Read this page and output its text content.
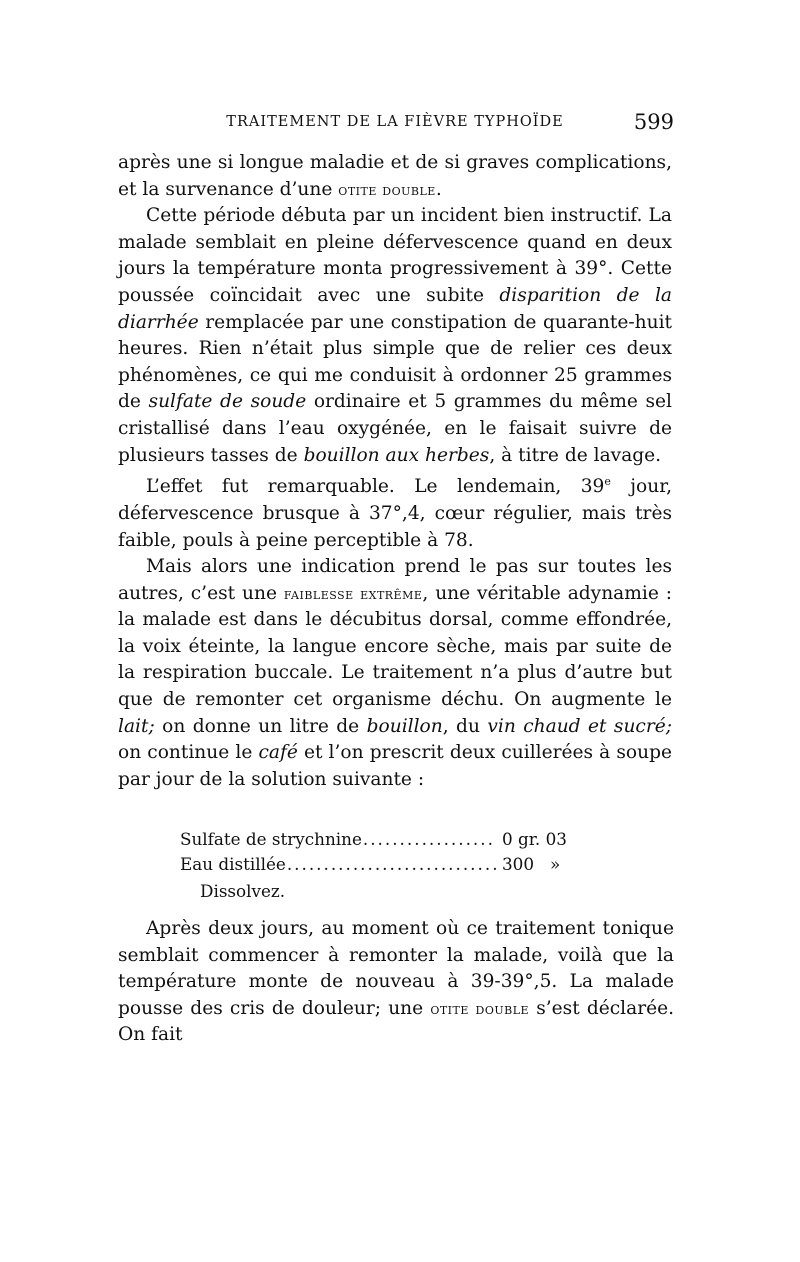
TRAITEMENT DE LA FIÈVRE TYPHOÏDE	599

après une si longue maladie et de si graves complications, et la survenance d’une otite double.

Cette période débuta par un incident bien instructif. La malade semblait en pleine défervescence quand en deux jours la température monta progressivement à 39°. Cette poussée coïncidait avec une subite disparition de la diarrhée remplacée par une constipation de quarante-huit heures. Rien n’était plus simple que de relier ces deux phénomènes, ce qui me conduisit à ordonner 25 grammes de sulfate de soude ordinaire et 5 grammes du même sel cristallisé dans l’eau oxygénée, en le faisait suivre de plusieurs tasses de bouillon aux herbes, à titre de lavage.

L’effet fut remarquable. Le lendemain, 39e jour, défervescence brusque à 37°,4, cœur régulier, mais très faible, pouls à peine perceptible à 78.

Mais alors une indication prend le pas sur toutes les autres, c’est une faiblesse extrême, une véritable adynamie : la malade est dans le décubitus dorsal, comme effondrée, la voix éteinte, la langue encore sèche, mais par suite de la respiration buccale. Le traitement n’a plus d’autre but que de remonter cet organisme déchu. On augmente le lait; on donne un litre de bouillon, du vin chaud et sucré; on continue le café et l’on prescrit deux cuillerées à soupe par jour de la solution suivante :

Sulfate de strychnine .....	0 gr. 03
Eau distillée .....	300   »
Dissolvez.

Après deux jours, au moment où ce traitement tonique semblait commencer à remonter la malade, voilà que la température monte de nouveau à 39-39°,5. La malade pousse des cris de douleur; une otite double s’est déclarée. On fait
